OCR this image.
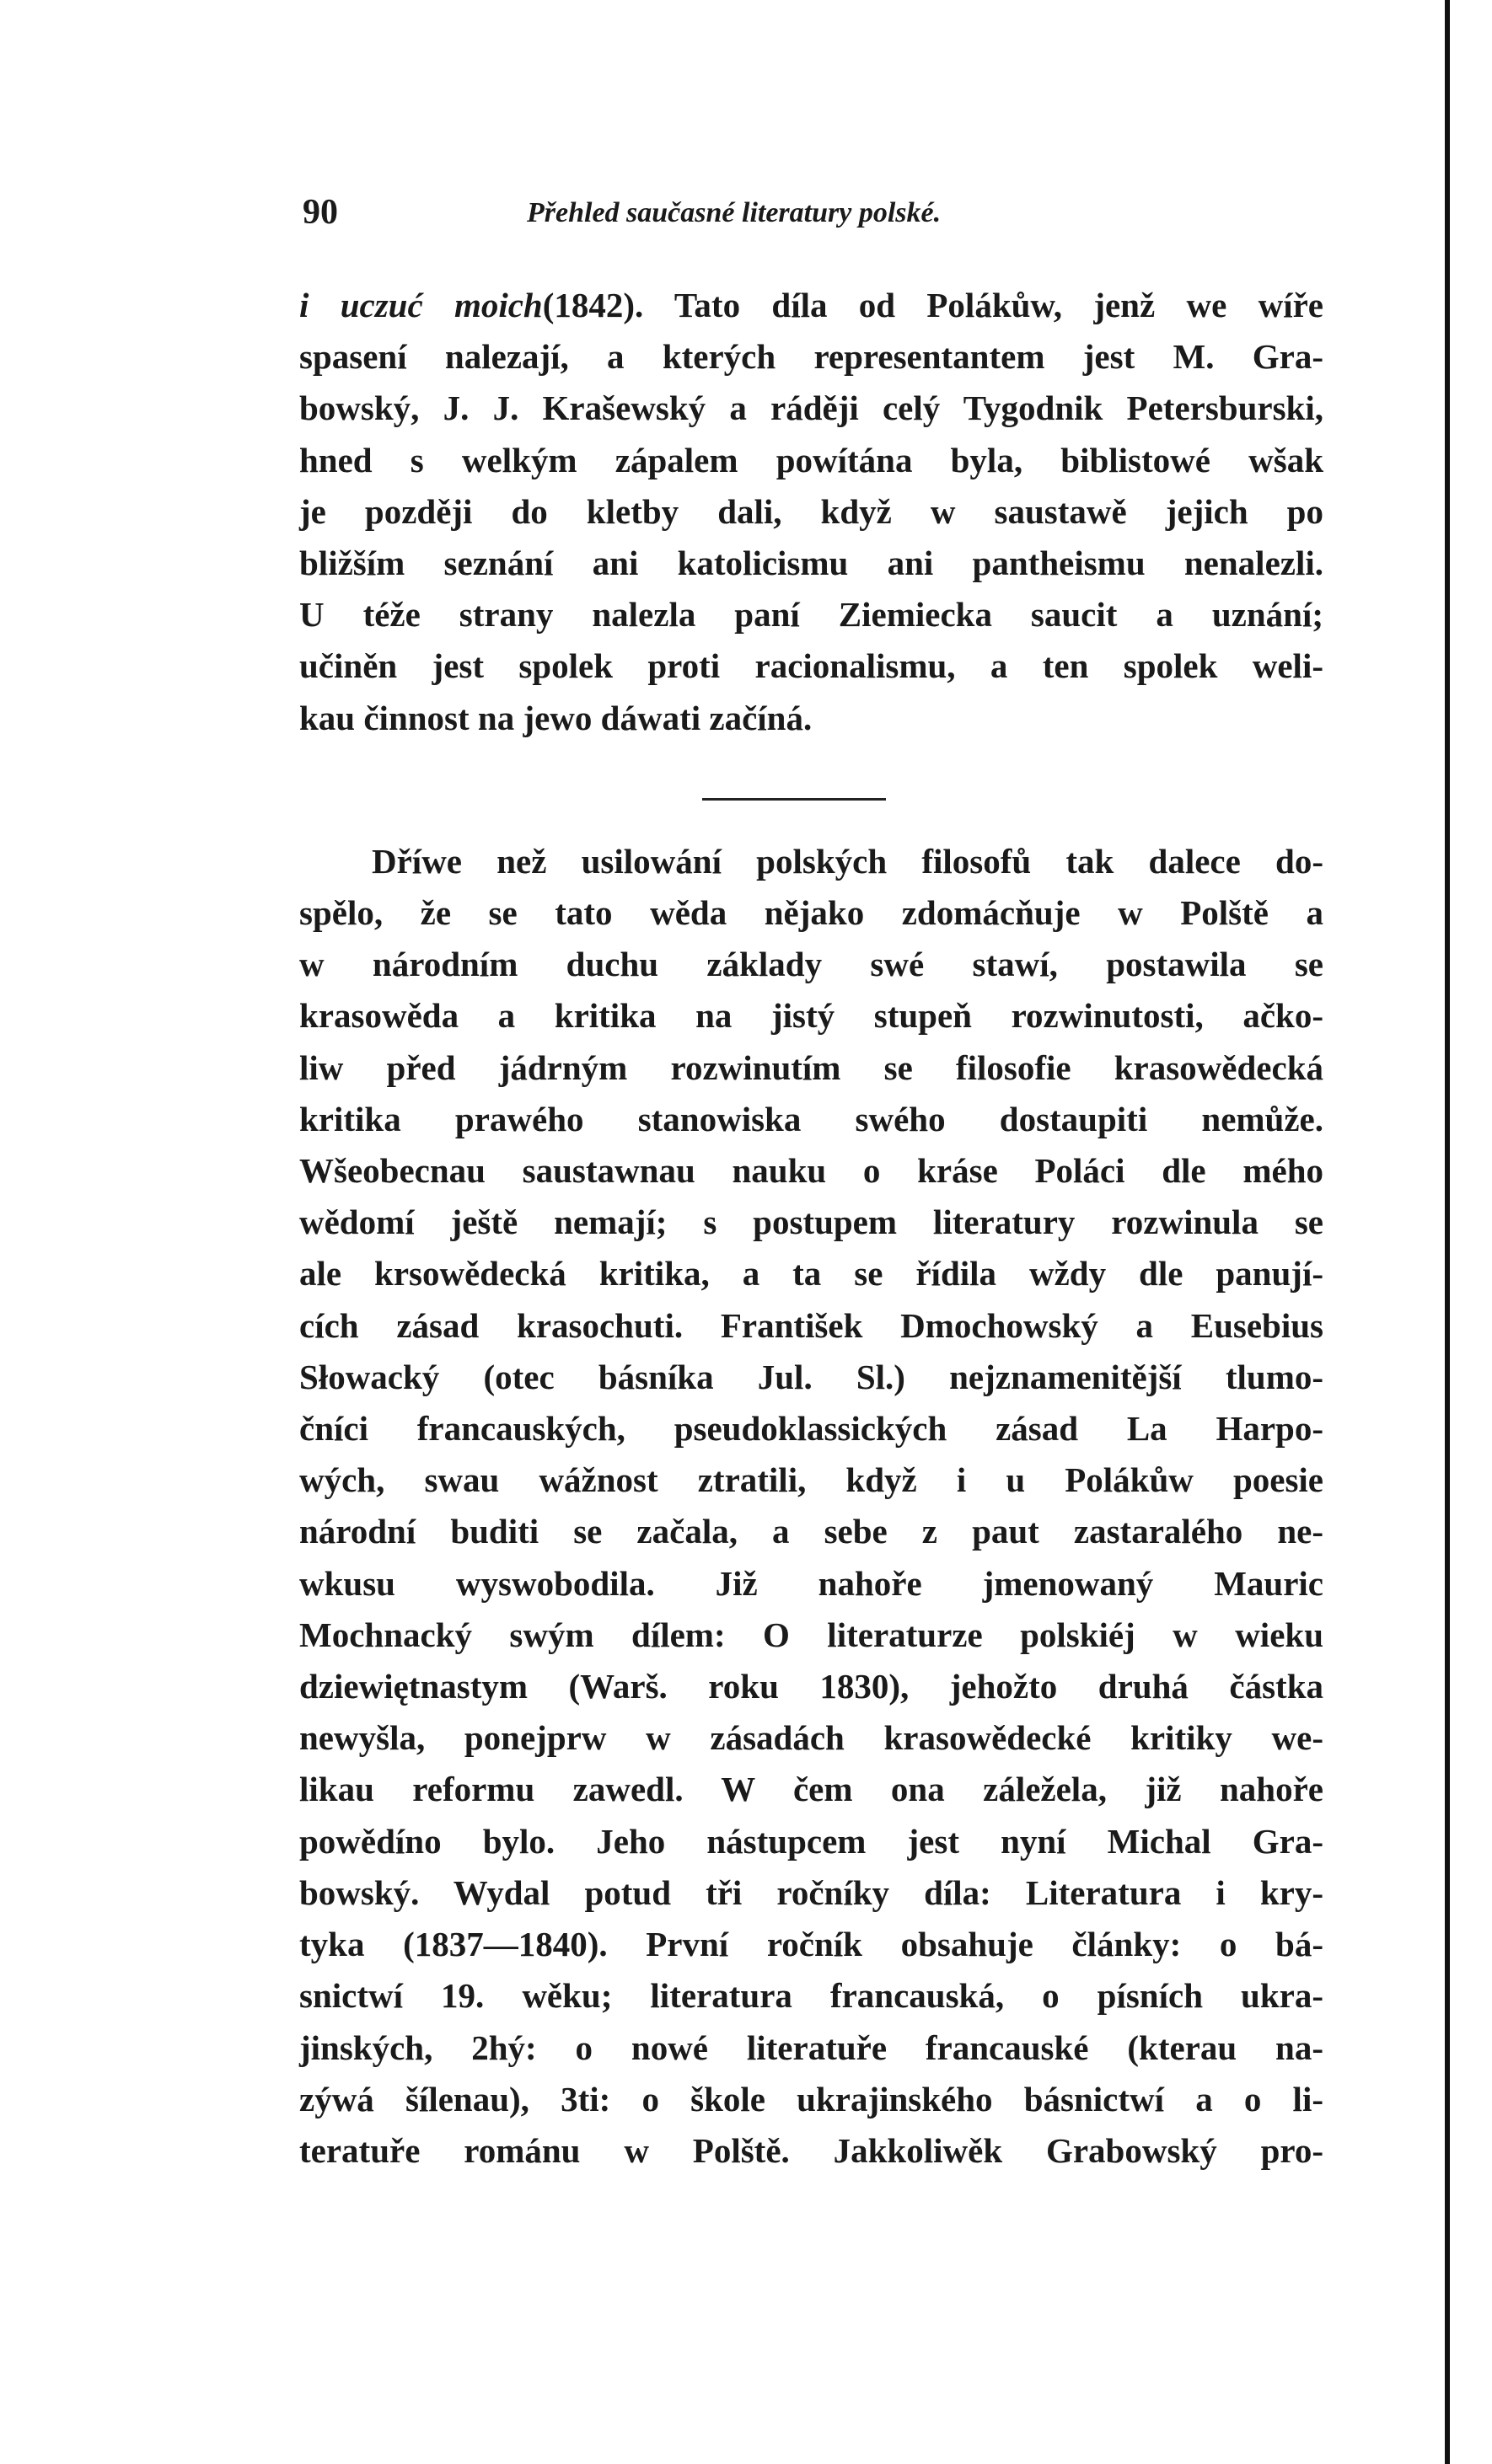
90	Přehled saučasné literatury polské.
i uczuć moich(1842). Tato díla od Polákůw, jenž we wíře
spasení nalezají, a kterých representantem jest M. Gra-
bowský, J. J. Krašewský a ráději celý Tygodnik Petersburski,
hned s welkým zápalem powítána byla, biblistowé wšak
je později do kletby dali, když w saustawě jejich po
bližším seznání ani katolicismu ani pantheismu nenalezli.
U téže strany nalezla paní Ziemiecka saucit a uznání;
učiněn jest spolek proti racionalismu, a ten spolek weli-
kau činnost na jewo dáwati začíná.
Dříwe než usilowání polských filosofů tak dalece do-
spělo, že se tato wěda nějako zdomácňuje w Polště a
w národním duchu základy swé stawí, postawila se
krasowěda a kritika na jistý stupeň rozwinutosti, ačko-
liw před jádrným rozwinutím se filosofie krasowědecká
kritika prawého stanowiska swého dostaupiti nemůže.
Wšeobecnau saustawnau nauku o kráse Poláci dle mého
wědomí ještě nemají; s postupem literatury rozwinula se
ale krsowědecká kritika, a ta se řídila wždy dle panují-
cích zásad krasochuti. František Dmochowský a Eusebius
Słowacký (otec básníka Jul. Sl.) nejznamenitější tlumo-
čníci francauských, pseudoklassických zásad La Harpo-
wých, swau wážnost ztratili, když i u Polákůw poesie
národní buditi se začala, a sebe z paut zastaralého ne-
wkusu wyswobodila. Již nahoře jmenowaný Mauric
Mochnacký swým dílem: O literaturze polskiéj w wieku
dziewiętnastym (Warš. roku 1830), jehožto druhá částka
newyšla, ponejprw w zásadách krasowědecké kritiky we-
likau reformu zawedl. W čem ona záleželа, již nahoře
powědíno bylo. Jeho nástupcem jest nyní Michal Gra-
bowský. Wydal potud tři ročníky díla: Literatura i kry-
tyka (1837—1840). První ročník obsahuje články: o bá-
snictwí 19. wěku; literatura francauská, o písních ukra-
jinských, 2hý: o nowé literatuře francauské (kterau na-
zýwá šílenau), 3ti: o škole ukrajinského básnictwí a o li-
teratuře románu w Polště. Jakkoliwěk Grabowský pro-
